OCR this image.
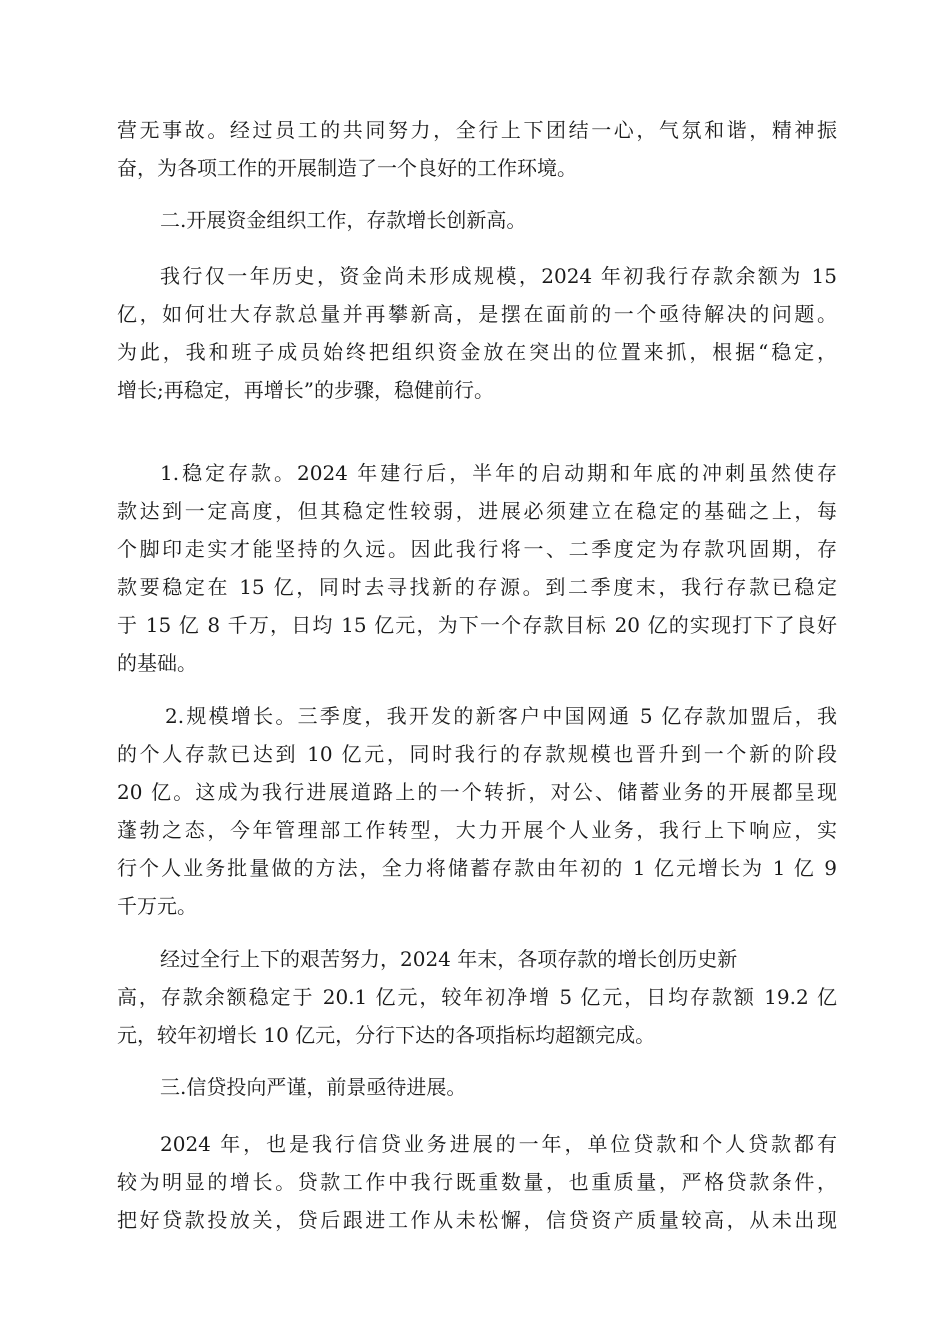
营无事故。经过员工的共同努力，全行上下团结一心，气氛和谐，精神振
奋，为各项工作的开展制造了一个良好的工作环境。
二.开展资金组织工作，存款增长创新高。
我行仅一年历史，资金尚未形成规模，2024 年初我行存款余额为 15
亿，如何壮大存款总量并再攀新高，是摆在面前的一个亟待解决的问题。
为此，我和班子成员始终把组织资金放在突出的位置来抓，根据“稳定，
增长;再稳定，再增长”的步骤，稳健前行。
1.稳定存款。2024 年建行后，半年的启动期和年底的冲刺虽然使存
款达到一定高度，但其稳定性较弱，进展必须建立在稳定的基础之上，每
个脚印走实才能坚持的久远。因此我行将一、二季度定为存款巩固期，存
款要稳定在 15 亿，同时去寻找新的存源。到二季度末，我行存款已稳定
于 15 亿 8 千万，日均 15 亿元，为下一个存款目标 20 亿的实现打下了良好
的基础。
2.规模增长。三季度，我开发的新客户中国网通 5 亿存款加盟后，我
的个人存款已达到 10 亿元，同时我行的存款规模也晋升到一个新的阶段
20 亿。这成为我行进展道路上的一个转折，对公、储蓄业务的开展都呈现
蓬勃之态，今年管理部工作转型，大力开展个人业务，我行上下响应，实
行个人业务批量做的方法，全力将储蓄存款由年初的 1 亿元增长为 1 亿 9
千万元。
经过全行上下的艰苦努力，2024 年末，各项存款的增长创历史新
高，存款余额稳定于 20.1 亿元，较年初净增 5 亿元，日均存款额 19.2 亿
元，较年初增长 10 亿元，分行下达的各项指标均超额完成。
三.信贷投向严谨，前景亟待进展。
2024 年，也是我行信贷业务进展的一年，单位贷款和个人贷款都有
较为明显的增长。贷款工作中我行既重数量，也重质量，严格贷款条件，
把好贷款投放关，贷后跟进工作从未松懈，信贷资产质量较高，从未出现
